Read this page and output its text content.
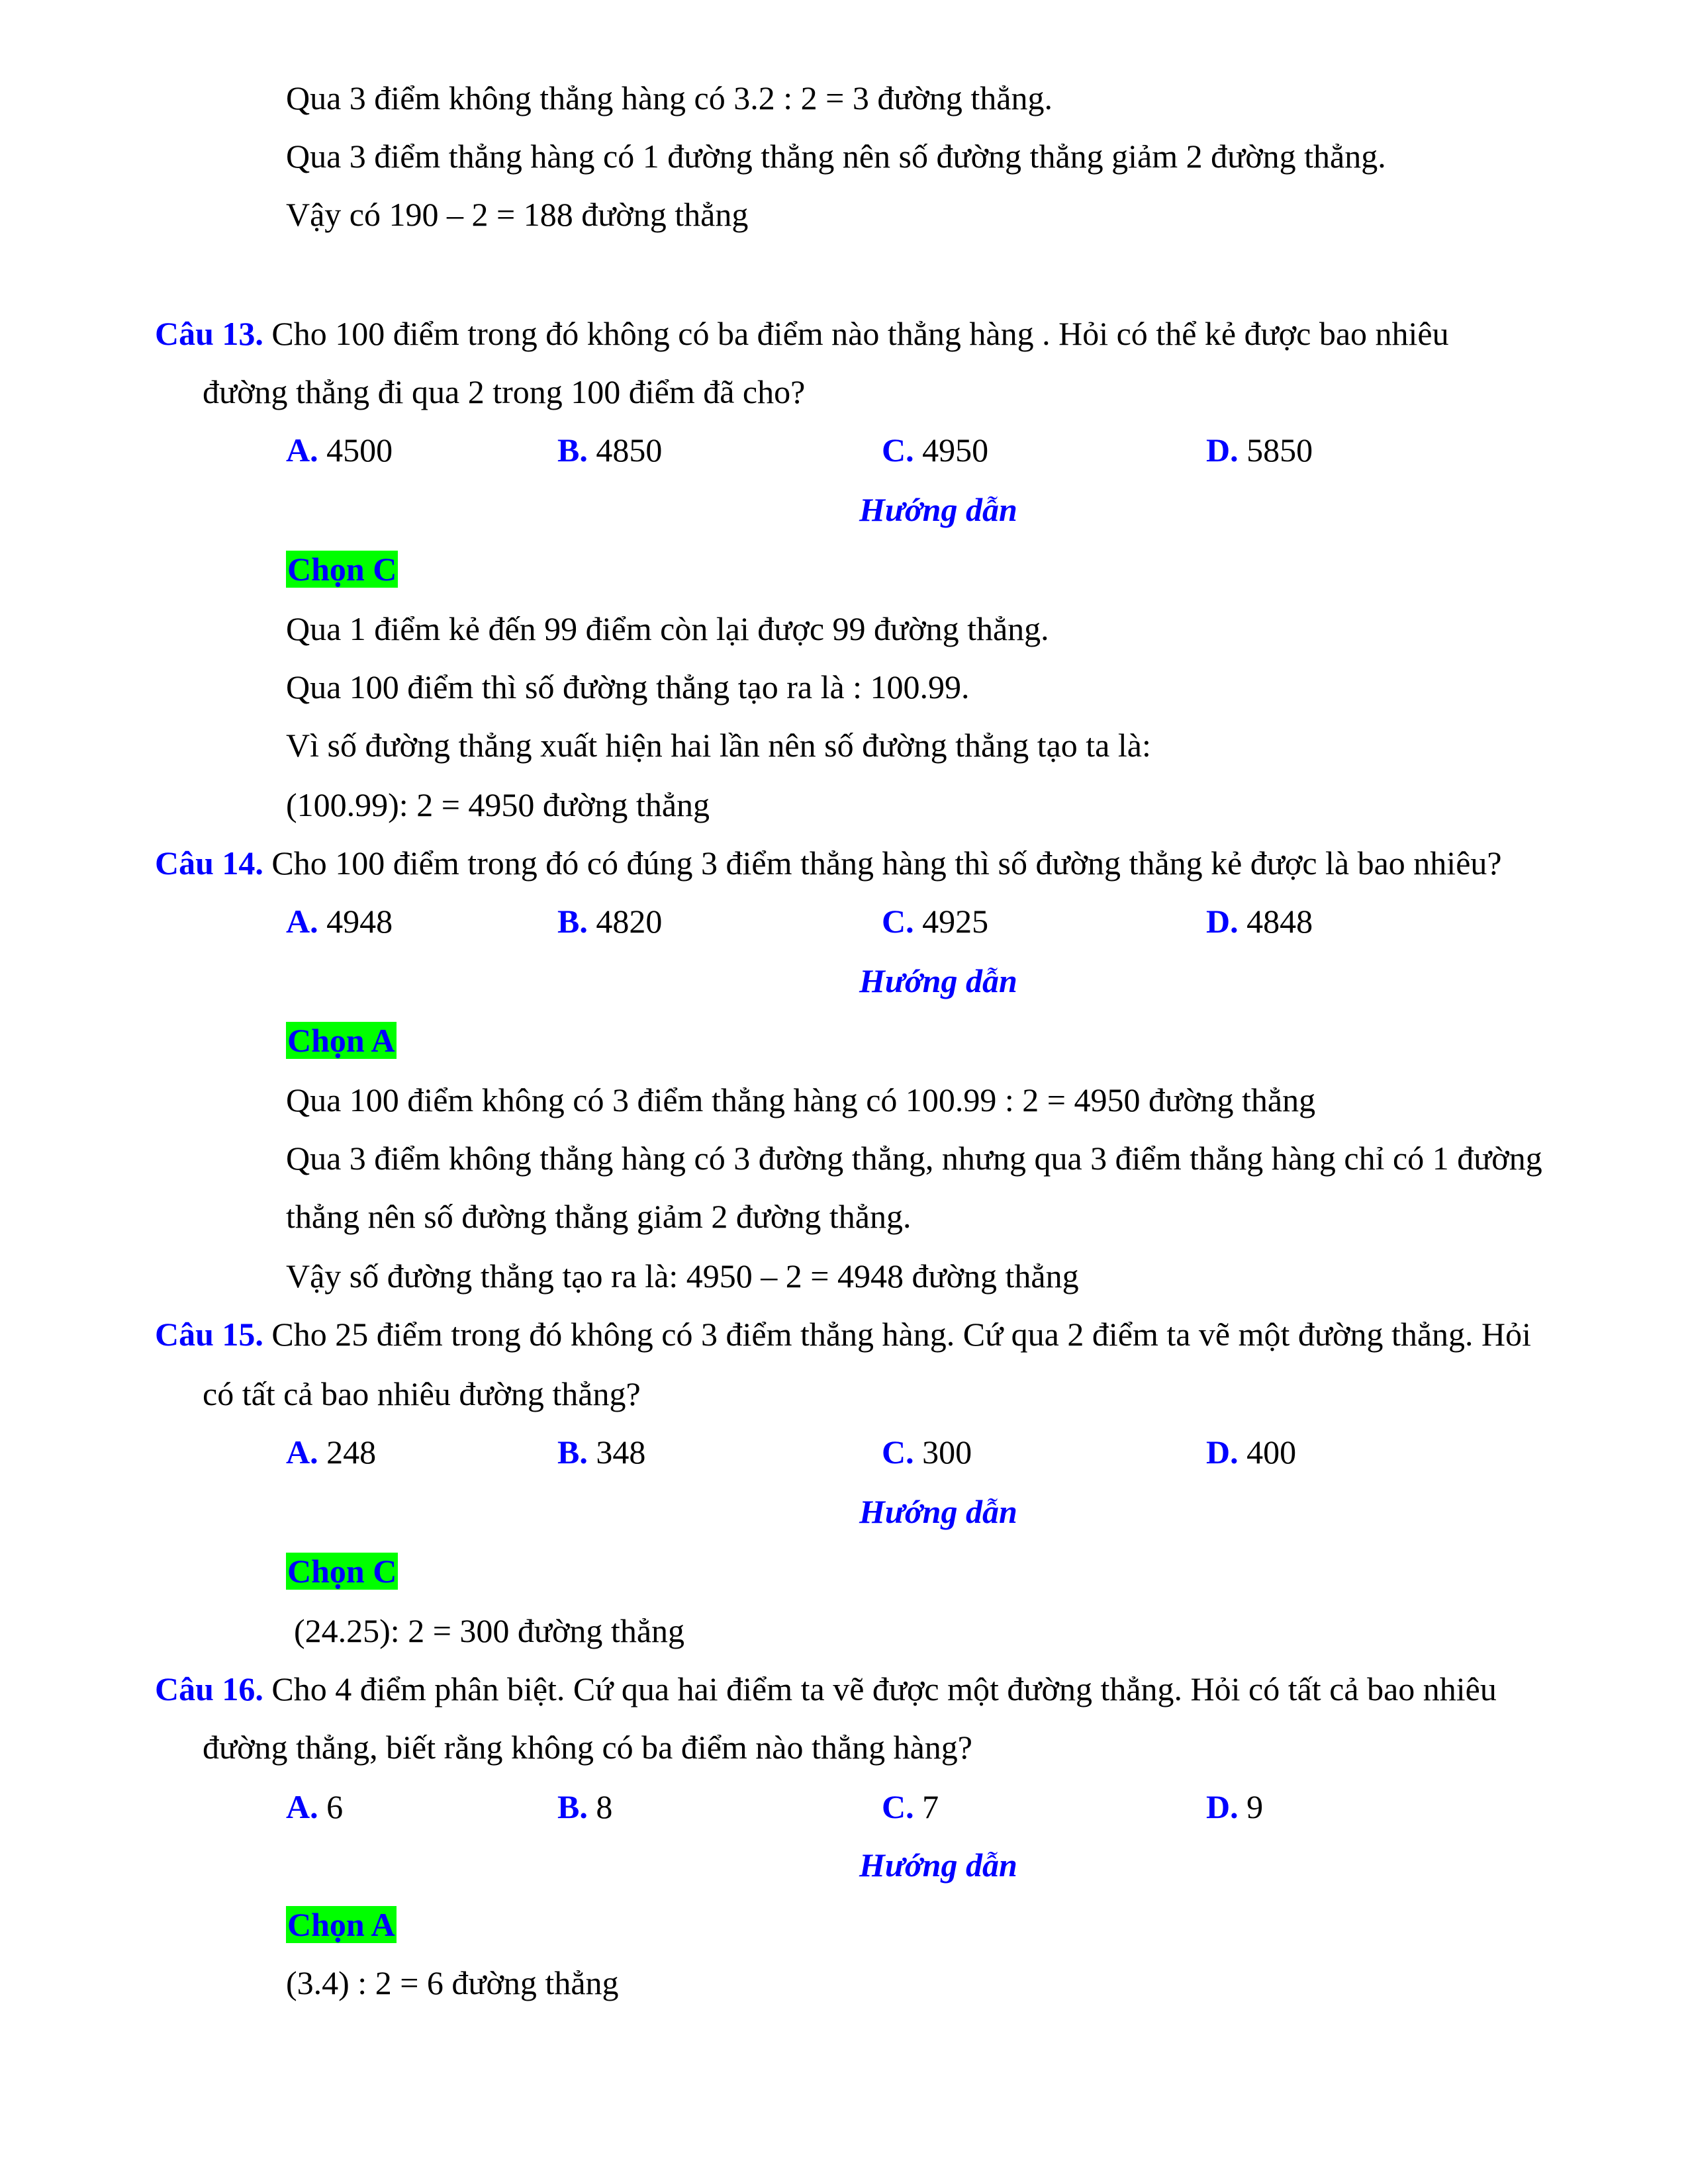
Qua 3 điểm không thẳng hàng có 3.2 : 2 = 3 đường thẳng.
Qua 3 điểm thẳng hàng có 1 đường thẳng nên số đường thẳng giảm 2 đường thẳng.
Vậy có 190 – 2 = 188 đường thẳng
Câu 13. Cho 100 điểm trong đó không có ba điểm nào thẳng hàng . Hỏi có thể kẻ được bao nhiêu
đường thẳng đi qua 2 trong 100 điểm đã cho?
A. 4500	B. 4850	C. 4950	D. 5850
Hướng dẫn
Chọn C
Qua 1 điểm kẻ đến 99 điểm còn lại được 99 đường thẳng.
Qua 100 điểm thì số đường thẳng tạo ra là : 100.99.
Vì số đường thẳng xuất hiện hai lần nên số đường thẳng tạo ta là:
(100.99): 2 = 4950 đường thẳng
Câu 14. Cho 100 điểm trong đó có đúng 3 điểm thẳng hàng thì số đường thẳng kẻ được là bao nhiêu?
A. 4948	B. 4820	C. 4925	D. 4848
Hướng dẫn
Chọn A
Qua 100 điểm không có 3 điểm thẳng hàng có 100.99 : 2 = 4950 đường thẳng
Qua 3 điểm không thẳng hàng có 3 đường thẳng, nhưng qua 3 điểm thẳng hàng chỉ có 1 đường
thẳng nên số đường thẳng giảm 2 đường thẳng.
Vậy số đường thẳng tạo ra là: 4950 – 2 = 4948 đường thẳng
Câu 15. Cho 25 điểm trong đó không có 3 điểm thẳng hàng. Cứ qua 2 điểm ta vẽ một đường thẳng. Hỏi
có tất cả bao nhiêu đường thẳng?
A. 248	B. 348	C. 300	D. 400
Hướng dẫn
Chọn C
(24.25): 2 = 300 đường thẳng
Câu 16. Cho 4 điểm phân biệt. Cứ qua hai điểm ta vẽ được một đường thẳng. Hỏi có tất cả bao nhiêu
đường thẳng, biết rằng không có ba điểm nào thẳng hàng?
A. 6	B. 8	C. 7	D. 9
Hướng dẫn
Chọn A
(3.4) : 2 = 6 đường thẳng
